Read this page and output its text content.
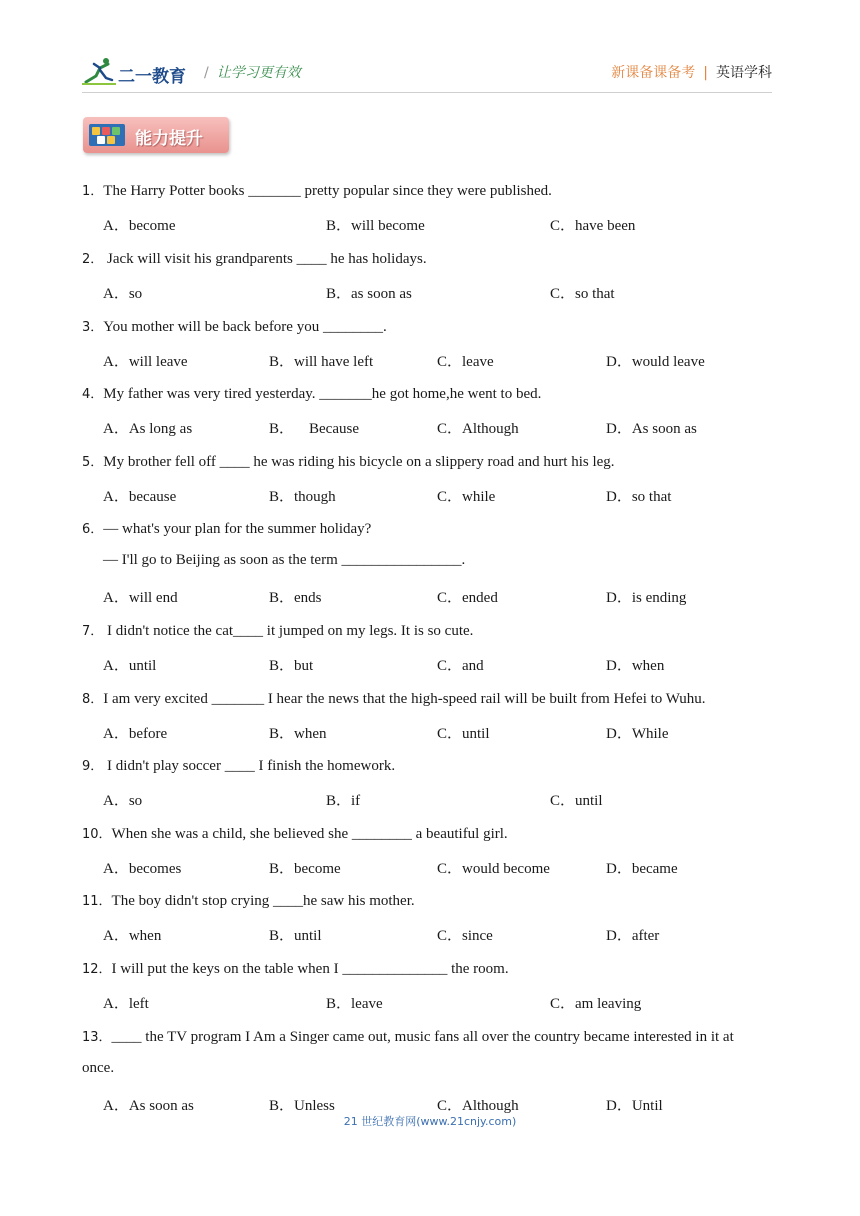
二一教育 / 让学习更有效	新课备课备考 | 英语学科
能力提升
1．The Harry Potter books _______ pretty popular since they were published.
A．become	B．will become	C．have been
2． Jack will visit his grandparents ____ he has holidays.
A．so	B．as soon as	C．so that
3．You mother will be back before you ________.
A．will leave	B．will have left	C．leave	D．would leave
4．My father was very tired yesterday. _______he got home,he went to bed.
A．As long as	B．    Because	C．Although	D．As soon as
5．My brother fell off ____ he was riding his bicycle on a slippery road and hurt his leg.
A．because	B．though	C．while	D．so that
6．— what's your plan for the summer holiday?
— I'll go to Beijing as soon as the term ________________.
A．will end	B．ends	C．ended	D．is ending
7． I didn't notice the cat____ it jumped on my legs. It is so cute.
A．until	B．but	C．and	D．when
8．I am very excited _______ I hear the news that the high-speed rail will be built from Hefei to Wuhu.
A．before	B．when	C．until	D．While
9． I didn't play soccer ____ I finish the homework.
A．so	B．if	C．until
10．When she was a child, she believed she ________ a beautiful girl.
A．becomes	B．become	C．would become	D．became
11．The boy didn't stop crying ____he saw his mother.
A．when	B．until	C．since	D．after
12．I will put the keys on the table when I ______________ the room.
A．left	B．leave	C．am leaving
13．____ the TV program I Am a Singer came out, music fans all over the country became interested in it at
once.
A．As soon as	B．Unless	C．Although	D．Until
21 世纪教育网(www.21cnjy.com)
